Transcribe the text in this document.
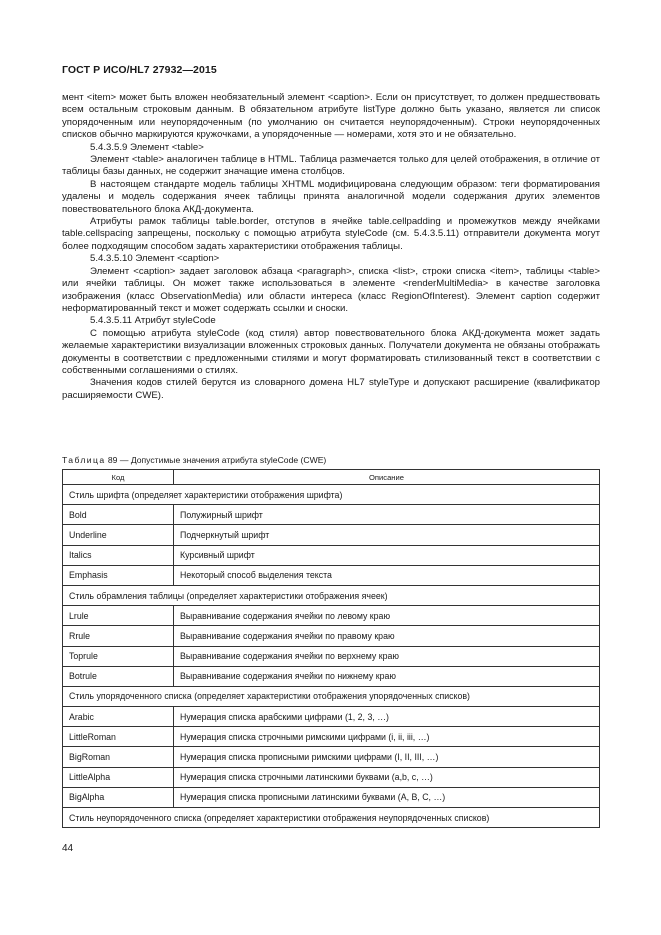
ГОСТ Р ИСО/HL7 27932—2015

мент <item> может быть вложен необязательный элемент <caption>. Если он присутствует, то должен предшествовать всем остальным строковым данным. В обязательном атрибуте listType должно быть указано, является ли список упорядоченным или неупорядоченным (по умолчанию он считается неупорядоченным). Строки неупорядоченных списков обычно маркируются кружочками, а упорядоченные — номерами, хотя это и не обязательно.

5.4.3.5.9 Элемент <table>

Элемент <table> аналогичен таблице в HTML. Таблица размечается только для целей отображения, в отличие от таблицы базы данных, не содержит значащие имена столбцов.

В настоящем стандарте модель таблицы XHTML модифицирована следующим образом: теги форматирования удалены и модель содержания ячеек таблицы принята аналогичной модели содержания других элементов повествовательного блока АКД-документа.

Атрибуты рамок таблицы table.border, отступов в ячейке table.cellpadding и промежутков между ячейками table.cellspacing запрещены, поскольку с помощью атрибута styleCode (см. 5.4.3.5.11) отправители документа могут более подходящим способом задать характеристики отображения таблицы.

5.4.3.5.10 Элемент <caption>

Элемент <caption> задает заголовок абзаца <paragraph>, списка <list>, строки списка <item>, таблицы <table> или ячейки таблицы. Он может также использоваться в элементе <renderMultiMedia> в качестве заголовка изображения (класс ObservationMedia) или области интереса (класс RegionOfInterest). Элемент caption содержит неформатированный текст и может содержать ссылки и сноски.

5.4.3.5.11 Атрибут styleCode

С помощью атрибута styleCode (код стиля) автор повествовательного блока АКД-документа может задать желаемые характеристики визуализации вложенных строковых данных. Получатели документа не обязаны отображать документы в соответствии с предложенными стилями и могут форматировать стилизованный текст в соответствии с собственными соглашениями о стилях.

Значения кодов стилей берутся из словарного домена HL7 styleType и допускают расширение (квалификатор расширяемости CWE).

Таблица 89 — Допустимые значения атрибута styleCode (CWE)
Код	Описание
Стиль шрифта (определяет характеристики отображения шрифта)	
Bold	Полужирный шрифт
Underline	Подчеркнутый шрифт
Italics	Курсивный шрифт
Emphasis	Некоторый способ выделения текста
Стиль обрамления таблицы (определяет характеристики отображения ячеек)	
Lrule	Выравнивание содержания ячейки по левому краю
Rrule	Выравнивание содержания ячейки по правому краю
Toprule	Выравнивание содержания ячейки по верхнему краю
Botrule	Выравнивание содержания ячейки по нижнему краю
Стиль упорядоченного списка (определяет характеристики отображения упорядоченных списков)	
Arabic	Нумерация списка арабскими цифрами (1, 2, 3, …)
LittleRoman	Нумерация списка строчными римскими цифрами (i, ii, iii, …)
BigRoman	Нумерация списка прописными римскими цифрами (I, II, III, …)
LittleAlpha	Нумерация списка строчными латинскими буквами (a,b, c, …)
BigAlpha	Нумерация списка прописными латинскими буквами (A, B, C, …)
Стиль неупорядоченного списка (определяет характеристики отображения неупорядоченных списков)	
44
